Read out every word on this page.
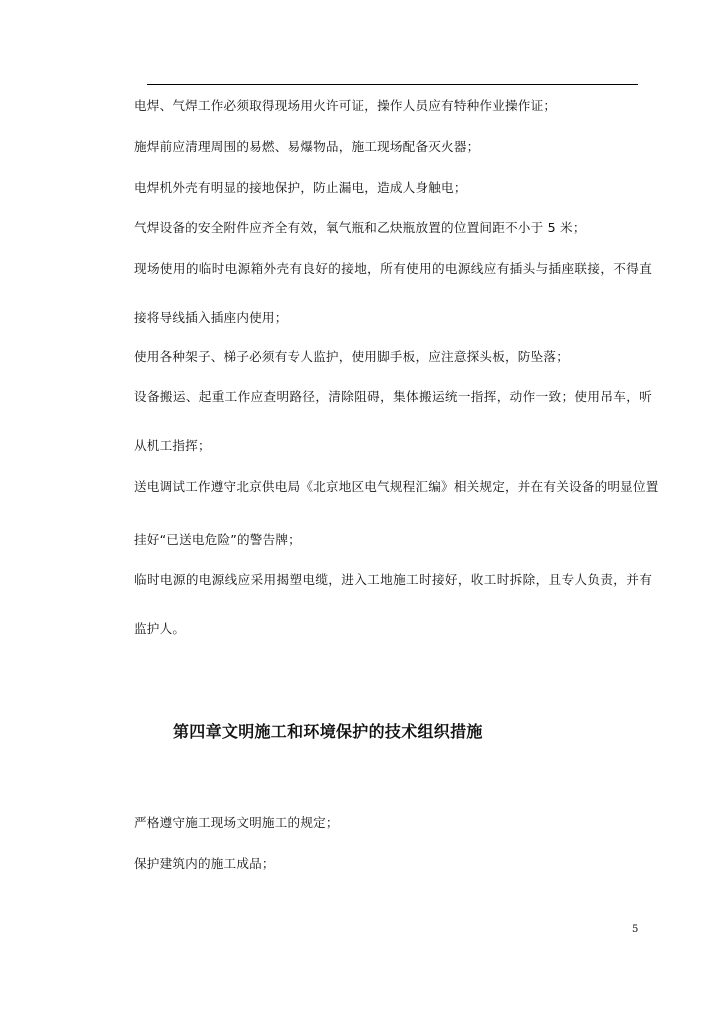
电焊、气焊工作必须取得现场用火许可证，操作人员应有特种作业操作证；
施焊前应清理周围的易燃、易爆物品，施工现场配备灭火器；
电焊机外壳有明显的接地保护，防止漏电，造成人身触电；
气焊设备的安全附件应齐全有效，氧气瓶和乙炔瓶放置的位置间距不小于 5 米；
现场使用的临时电源箱外壳有良好的接地，所有使用的电源线应有插头与插座联接，不得直
接将导线插入插座内使用；
使用各种架子、梯子必须有专人监护，使用脚手板，应注意探头板，防坠落；
设备搬运、起重工作应查明路径，清除阻碍，集体搬运统一指挥，动作一致；使用吊车，听
从机工指挥；
送电调试工作遵守北京供电局《北京地区电气规程汇编》相关规定，并在有关设备的明显位置
挂好“已送电危险”的警告牌；
临时电源的电源线应采用揭塑电缆，进入工地施工时接好，收工时拆除，且专人负责，并有
监护人。
第四章文明施工和环境保护的技术组织措施
严格遵守施工现场文明施工的规定；
保护建筑内的施工成品；
5
